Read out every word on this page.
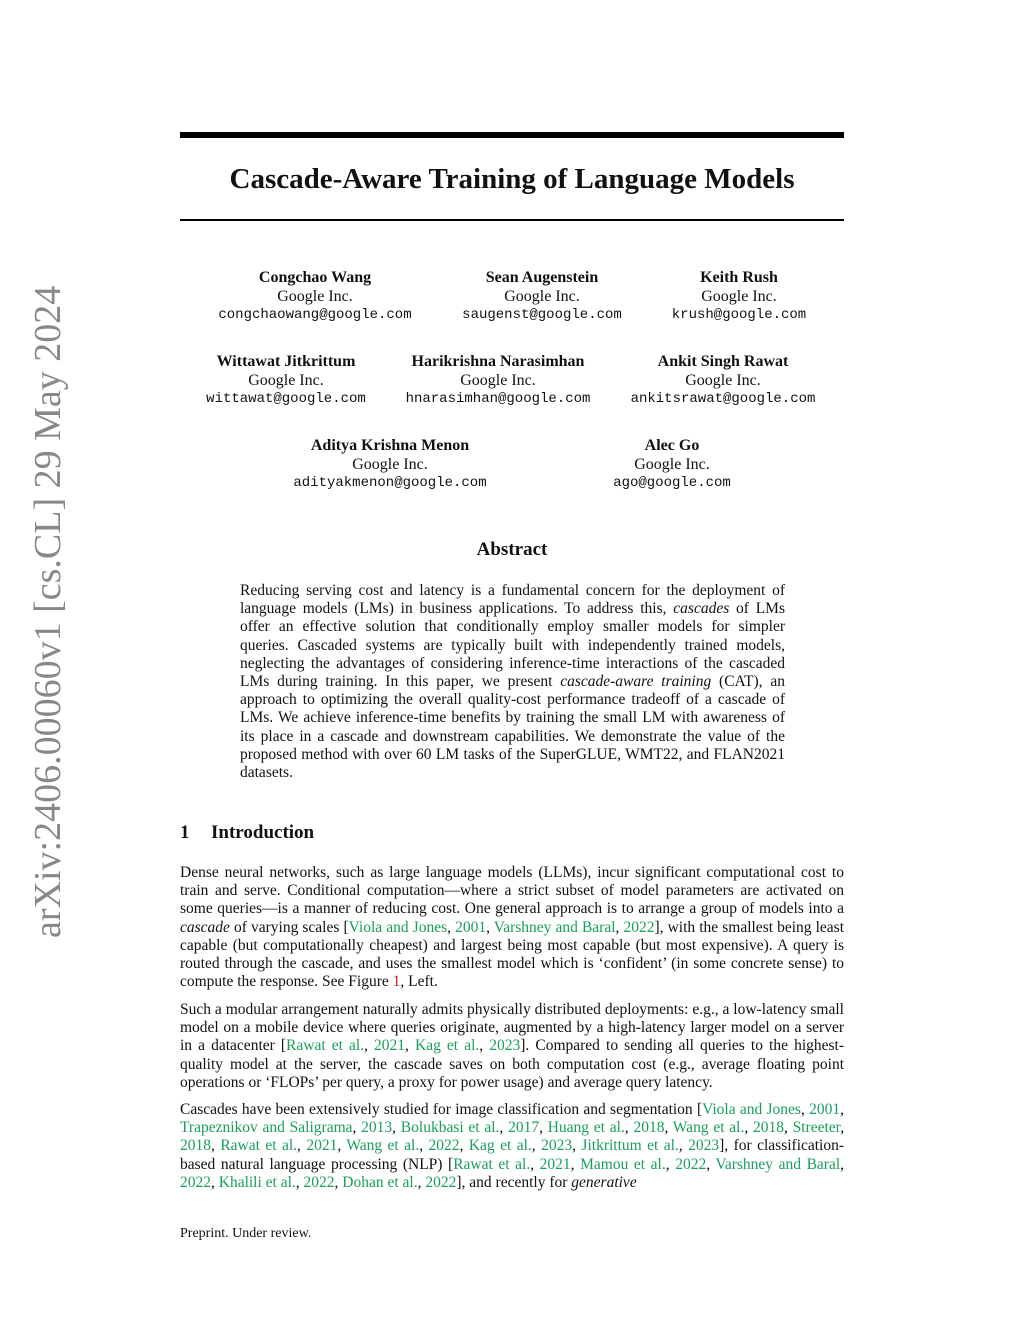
arXiv:2406.00060v1 [cs.CL] 29 May 2024
Cascade-Aware Training of Language Models
Congchao Wang
Google Inc.
congchaowang@google.com
Sean Augenstein
Google Inc.
saugenst@google.com
Keith Rush
Google Inc.
krush@google.com
Wittawat Jitkrittum
Google Inc.
wittawat@google.com
Harikrishna Narasimhan
Google Inc.
hnarasimhan@google.com
Ankit Singh Rawat
Google Inc.
ankitsrawat@google.com
Aditya Krishna Menon
Google Inc.
adityakmenon@google.com
Alec Go
Google Inc.
ago@google.com
Abstract
Reducing serving cost and latency is a fundamental concern for the deployment of language models (LMs) in business applications. To address this, cascades of LMs offer an effective solution that conditionally employ smaller models for simpler queries. Cascaded systems are typically built with independently trained models, neglecting the advantages of considering inference-time interactions of the cascaded LMs during training. In this paper, we present cascade-aware training (CAT), an approach to optimizing the overall quality-cost performance tradeoff of a cascade of LMs. We achieve inference-time benefits by training the small LM with awareness of its place in a cascade and downstream capabilities. We demonstrate the value of the proposed method with over 60 LM tasks of the SuperGLUE, WMT22, and FLAN2021 datasets.
1 Introduction
Dense neural networks, such as large language models (LLMs), incur significant computational cost to train and serve. Conditional computation—where a strict subset of model parameters are activated on some queries—is a manner of reducing cost. One general approach is to arrange a group of models into a cascade of varying scales [Viola and Jones, 2001, Varshney and Baral, 2022], with the smallest being least capable (but computationally cheapest) and largest being most capable (but most expensive). A query is routed through the cascade, and uses the smallest model which is ‘confident’ (in some concrete sense) to compute the response. See Figure 1, Left.
Such a modular arrangement naturally admits physically distributed deployments: e.g., a low-latency small model on a mobile device where queries originate, augmented by a high-latency larger model on a server in a datacenter [Rawat et al., 2021, Kag et al., 2023]. Compared to sending all queries to the highest-quality model at the server, the cascade saves on both computation cost (e.g., average floating point operations or ‘FLOPs’ per query, a proxy for power usage) and average query latency.
Cascades have been extensively studied for image classification and segmentation [Viola and Jones, 2001, Trapeznikov and Saligrama, 2013, Bolukbasi et al., 2017, Huang et al., 2018, Wang et al., 2018, Streeter, 2018, Rawat et al., 2021, Wang et al., 2022, Kag et al., 2023, Jitkrittum et al., 2023], for classification-based natural language processing (NLP) [Rawat et al., 2021, Mamou et al., 2022, Varshney and Baral, 2022, Khalili et al., 2022, Dohan et al., 2022], and recently for generative
Preprint. Under review.
